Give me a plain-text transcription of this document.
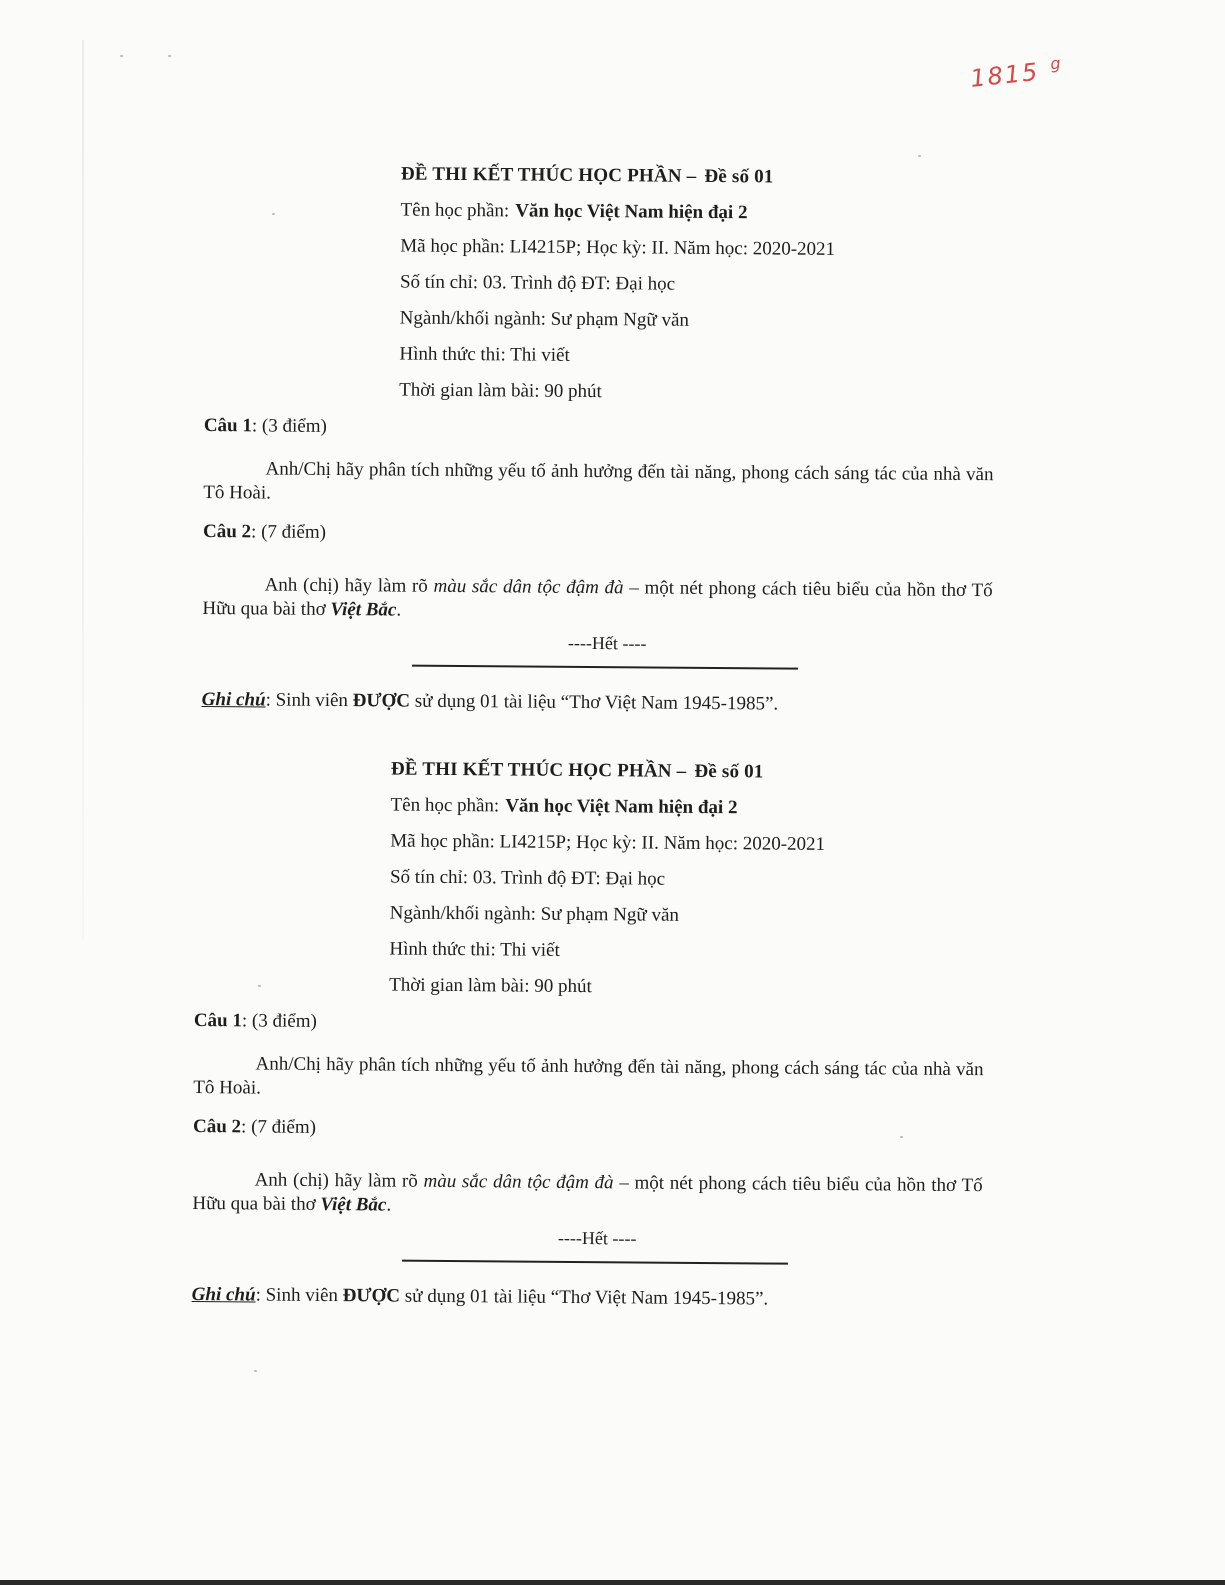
1815 $^g$
ĐỀ THI KẾT THÚC HỌC PHẦN – Đề số 01
Tên học phần: Văn học Việt Nam hiện đại 2
Mã học phần: LI4215P; Học kỳ: II. Năm học: 2020-2021
Số tín chỉ: 03. Trình độ ĐT: Đại học
Ngành/khối ngành: Sư phạm Ngữ văn
Hình thức thi: Thi viết
Thời gian làm bài: 90 phút
Câu 1: (3 điểm)
Anh/Chị hãy phân tích những yếu tố ảnh hưởng đến tài năng, phong cách sáng tác của nhà văn Tô Hoài.
Câu 2: (7 điểm)
Anh (chị) hãy làm rõ màu sắc dân tộc đậm đà – một nét phong cách tiêu biểu của hồn thơ Tố Hữu qua bài thơ Việt Bắc.
----Hết ----
Ghi chú: Sinh viên ĐƯỢC sử dụng 01 tài liệu “Thơ Việt Nam 1945-1985”.
ĐỀ THI KẾT THÚC HỌC PHẦN – Đề số 01
Tên học phần: Văn học Việt Nam hiện đại 2
Mã học phần: LI4215P; Học kỳ: II. Năm học: 2020-2021
Số tín chỉ: 03. Trình độ ĐT: Đại học
Ngành/khối ngành: Sư phạm Ngữ văn
Hình thức thi: Thi viết
Thời gian làm bài: 90 phút
Câu 1: (3 điểm)
Anh/Chị hãy phân tích những yếu tố ảnh hưởng đến tài năng, phong cách sáng tác của nhà văn Tô Hoài.
Câu 2: (7 điểm)
Anh (chị) hãy làm rõ màu sắc dân tộc đậm đà – một nét phong cách tiêu biểu của hồn thơ Tố Hữu qua bài thơ Việt Bắc.
----Hết ----
Ghi chú: Sinh viên ĐƯỢC sử dụng 01 tài liệu “Thơ Việt Nam 1945-1985”.
